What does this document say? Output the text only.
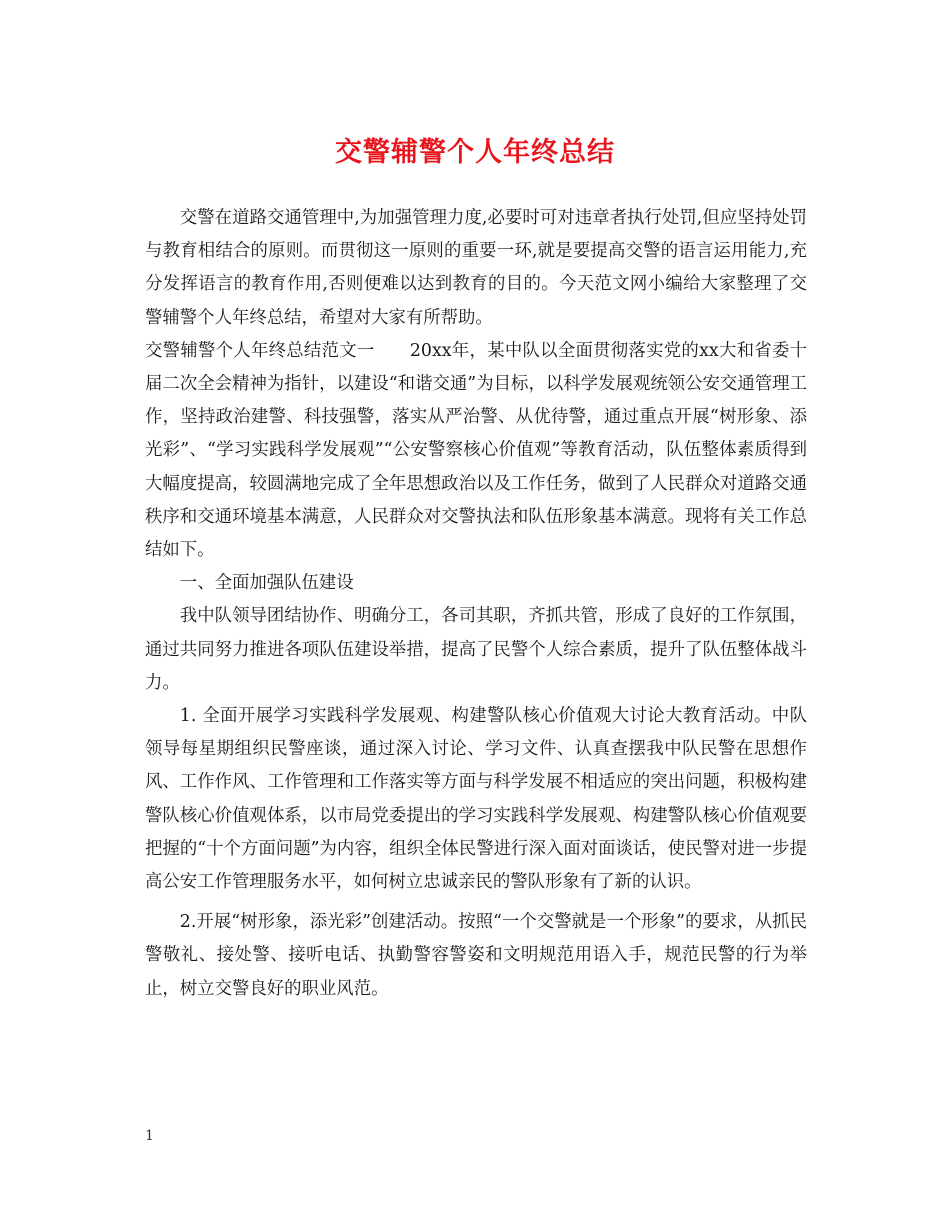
交警辅警个人年终总结

交警在道路交通管理中,为加强管理力度,必要时可对违章者执行处罚,但应坚持处罚与教育相结合的原则。而贯彻这一原则的重要一环,就是要提高交警的语言运用能力,充分发挥语言的教育作用,否则便难以达到教育的目的。今天范文网小编给大家整理了交警辅警个人年终总结，希望对大家有所帮助。

交警辅警个人年终总结范文一　　20xx年，某中队以全面贯彻落实党的xx大和省委十届二次全会精神为指针，以建设“和谐交通”为目标，以科学发展观统领公安交通管理工作，坚持政治建警、科技强警，落实从严治警、从优待警，通过重点开展“树形象、添光彩”、“学习实践科学发展观”“公安警察核心价值观”等教育活动，队伍整体素质得到大幅度提高，较圆满地完成了全年思想政治以及工作任务，做到了人民群众对道路交通秩序和交通环境基本满意，人民群众对交警执法和队伍形象基本满意。现将有关工作总结如下。

一、全面加强队伍建设

我中队领导团结协作、明确分工，各司其职，齐抓共管，形成了良好的工作氛围，通过共同努力推进各项队伍建设举措，提高了民警个人综合素质，提升了队伍整体战斗力。

1. 全面开展学习实践科学发展观、构建警队核心价值观大讨论大教育活动。中队领导每星期组织民警座谈，通过深入讨论、学习文件、认真查摆我中队民警在思想作风、工作作风、工作管理和工作落实等方面与科学发展不相适应的突出问题，积极构建警队核心价值观体系，以市局党委提出的学习实践科学发展观、构建警队核心价值观要把握的“十个方面问题”为内容，组织全体民警进行深入面对面谈话，使民警对进一步提高公安工作管理服务水平，如何树立忠诚亲民的警队形象有了新的认识。

2.开展“树形象，添光彩”创建活动。按照“一个交警就是一个形象”的要求，从抓民警敬礼、接处警、接听电话、执勤警容警姿和文明规范用语入手，规范民警的行为举止，树立交警良好的职业风范。

1
